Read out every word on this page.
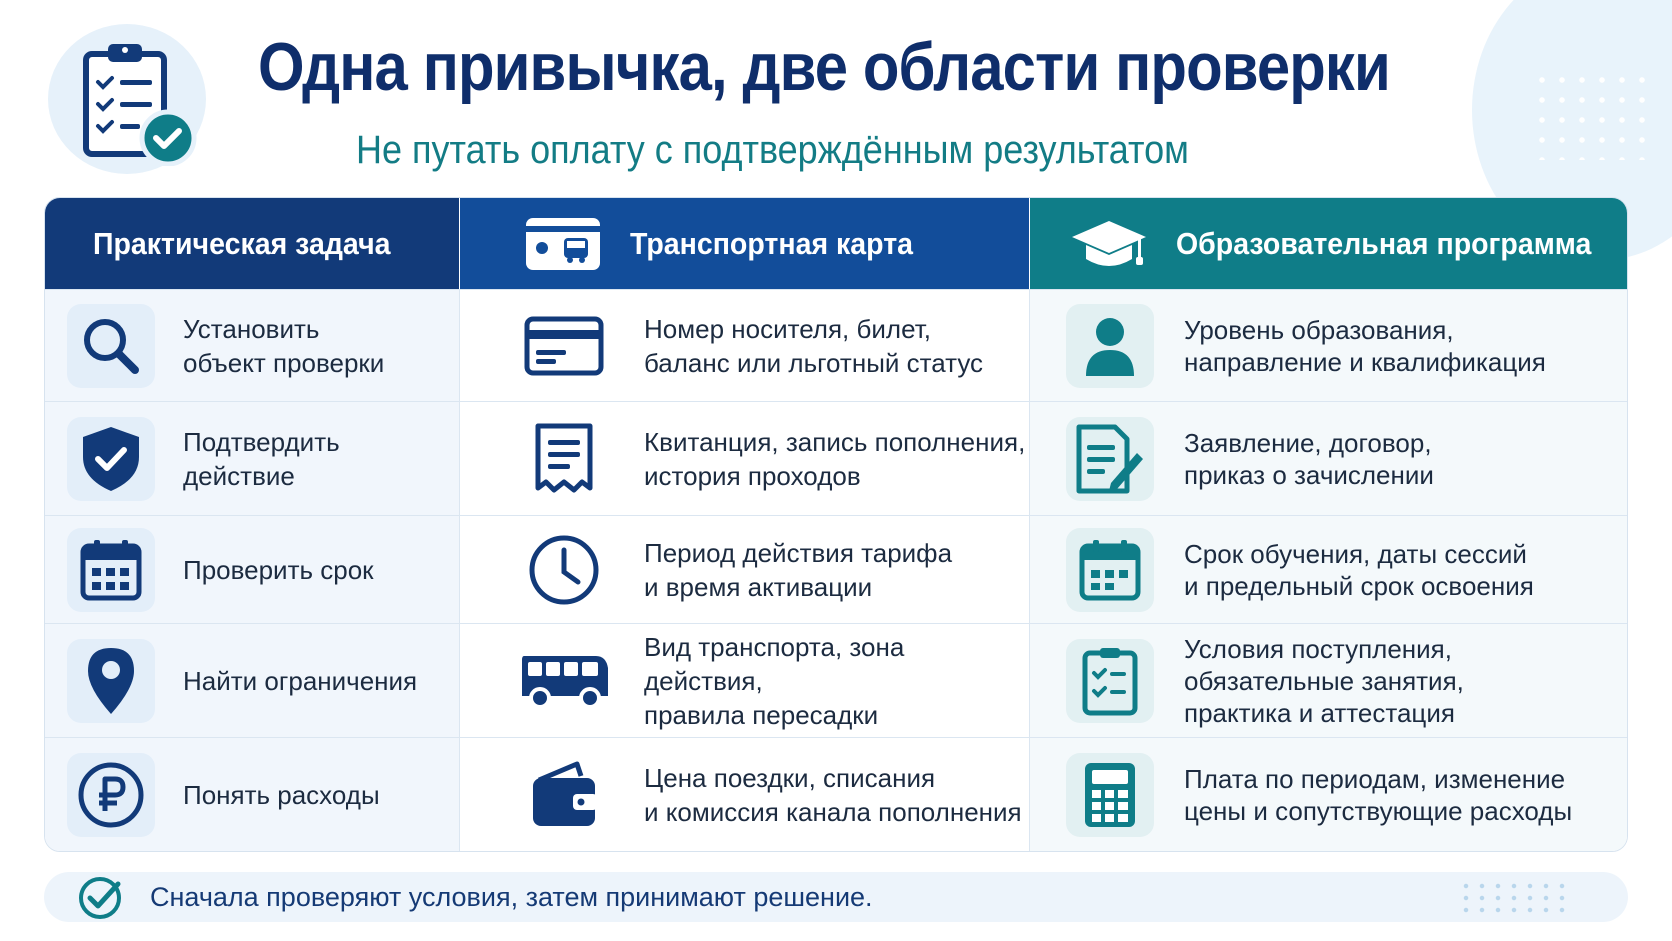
Одна привычка, две области проверки
Не путать оплату с подтверждённым результатом
Практическая задача	Транспортная карта	Образовательная программа
Установить
объект проверки
Номер носителя, билет,
баланс или льготный статус
Уровень образования,
направление и квалификация
Подтвердить
действие
Квитанция, запись пополнения,
история проходов
Заявление, договор,
приказ о зачислении
Проверить срок
Период действия тарифа
и время активации
Срок обучения, даты сессий
и предельный срок освоения
Найти ограничения
Вид транспорта, зона действия,
правила пересадки
Условия поступления,
обязательные занятия,
практика и аттестация
Понять расходы
Цена поездки, списания
и комиссия канала пополнения
Плата по периодам, изменение
цены и сопутствующие расходы
Сначала проверяют условия, затем принимают решение.
